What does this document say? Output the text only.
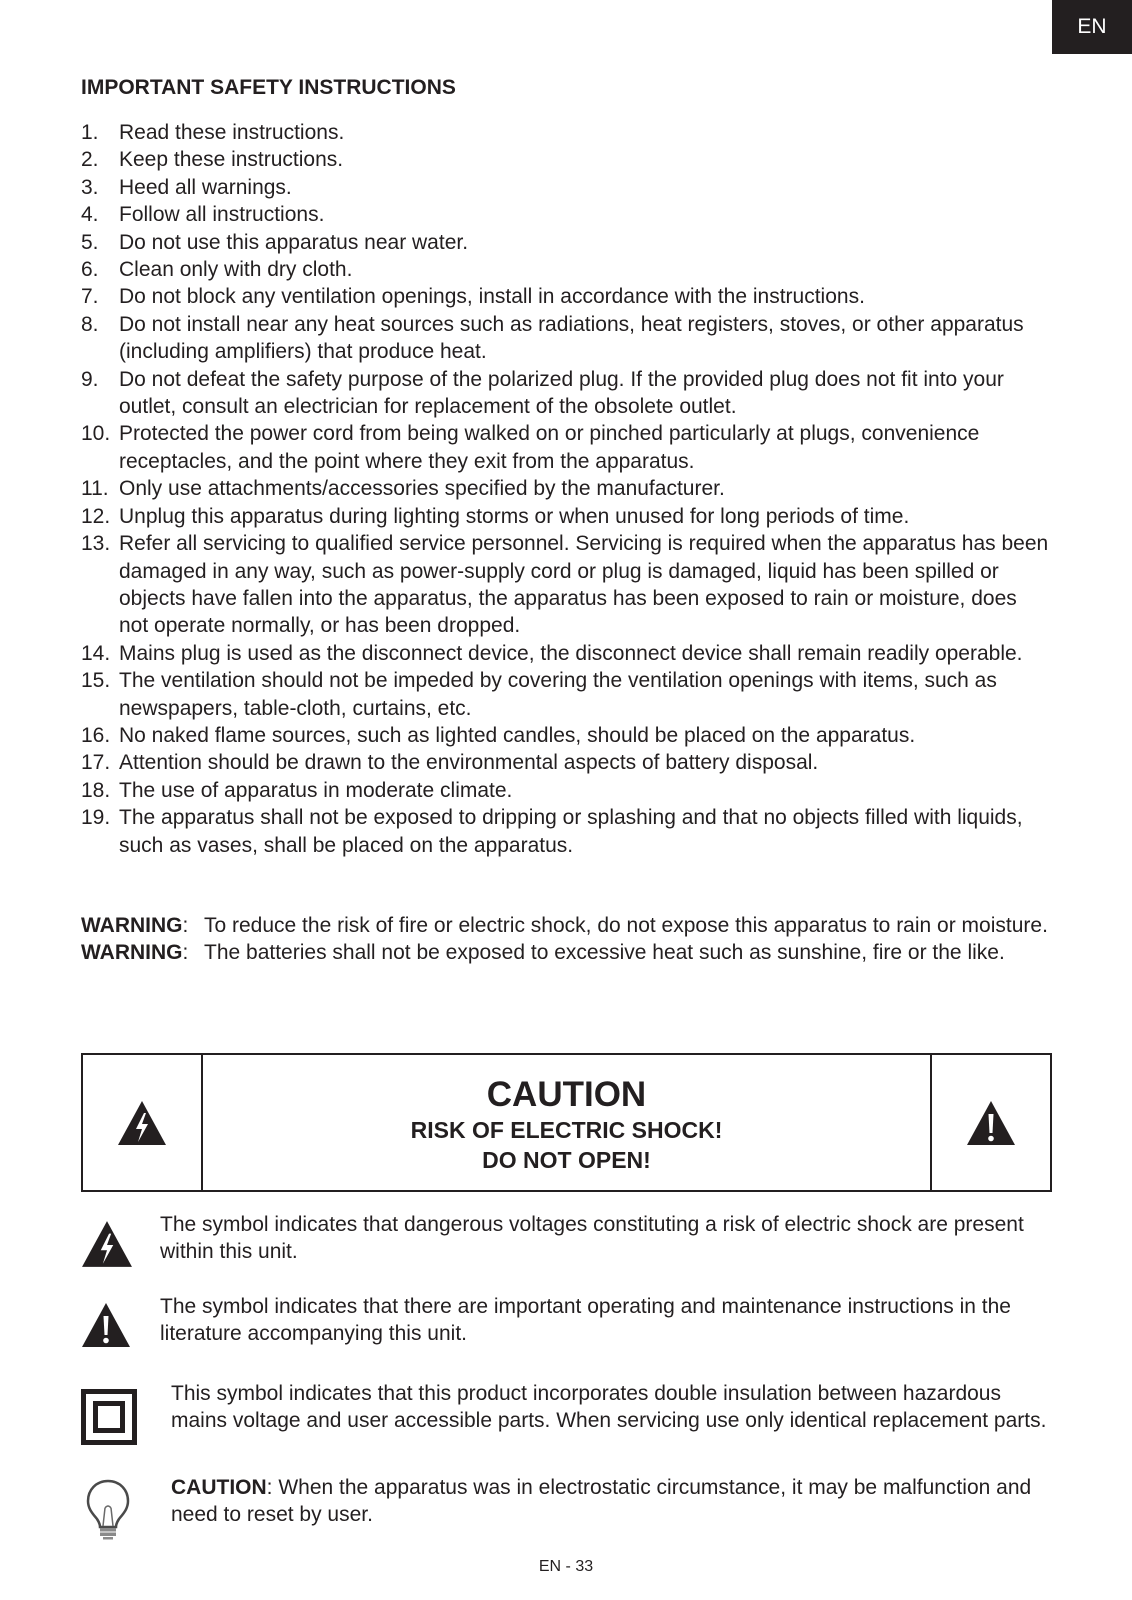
EN
IMPORTANT SAFETY INSTRUCTIONS
1. Read these instructions.
2. Keep these instructions.
3. Heed all warnings.
4. Follow all instructions.
5. Do not use this apparatus near water.
6. Clean only with dry cloth.
7. Do not block any ventilation openings, install in accordance with the instructions.
8. Do not install near any heat sources such as radiations, heat registers, stoves, or other apparatus (including amplifiers) that produce heat.
9. Do not defeat the safety purpose of the polarized plug. If the provided plug does not fit into your outlet, consult an electrician for replacement of the obsolete outlet.
10. Protected the power cord from being walked on or pinched particularly at plugs, convenience receptacles, and the point where they exit from the apparatus.
11. Only use attachments/accessories specified by the manufacturer.
12. Unplug this apparatus during lighting storms or when unused for long periods of time.
13. Refer all servicing to qualified service personnel. Servicing is required when the apparatus has been damaged in any way, such as power-supply cord or plug is damaged, liquid has been spilled or objects have fallen into the apparatus, the apparatus has been exposed to rain or moisture, does not operate normally, or has been dropped.
14. Mains plug is used as the disconnect device, the disconnect device shall remain readily operable.
15. The ventilation should not be impeded by covering the ventilation openings with items, such as newspapers, table-cloth, curtains, etc.
16. No naked flame sources, such as lighted candles, should be placed on the apparatus.
17. Attention should be drawn to the environmental aspects of battery disposal.
18. The use of apparatus in moderate climate.
19. The apparatus shall not be exposed to dripping or splashing and that no objects filled with liquids, such as vases, shall be placed on the apparatus.
WARNING: To reduce the risk of fire or electric shock, do not expose this apparatus to rain or moisture.
WARNING: The batteries shall not be exposed to excessive heat such as sunshine, fire or the like.
CAUTION
RISK OF ELECTRIC SHOCK!
DO NOT OPEN!
The symbol indicates that dangerous voltages constituting a risk of electric shock are present within this unit.
The symbol indicates that there are important operating and maintenance instructions in the literature accompanying this unit.
This symbol indicates that this product incorporates double insulation between hazardous mains voltage and user accessible parts. When servicing use only identical replacement parts.
CAUTION: When the apparatus was in electrostatic circumstance, it may be malfunction and need to reset by user.
EN - 33
